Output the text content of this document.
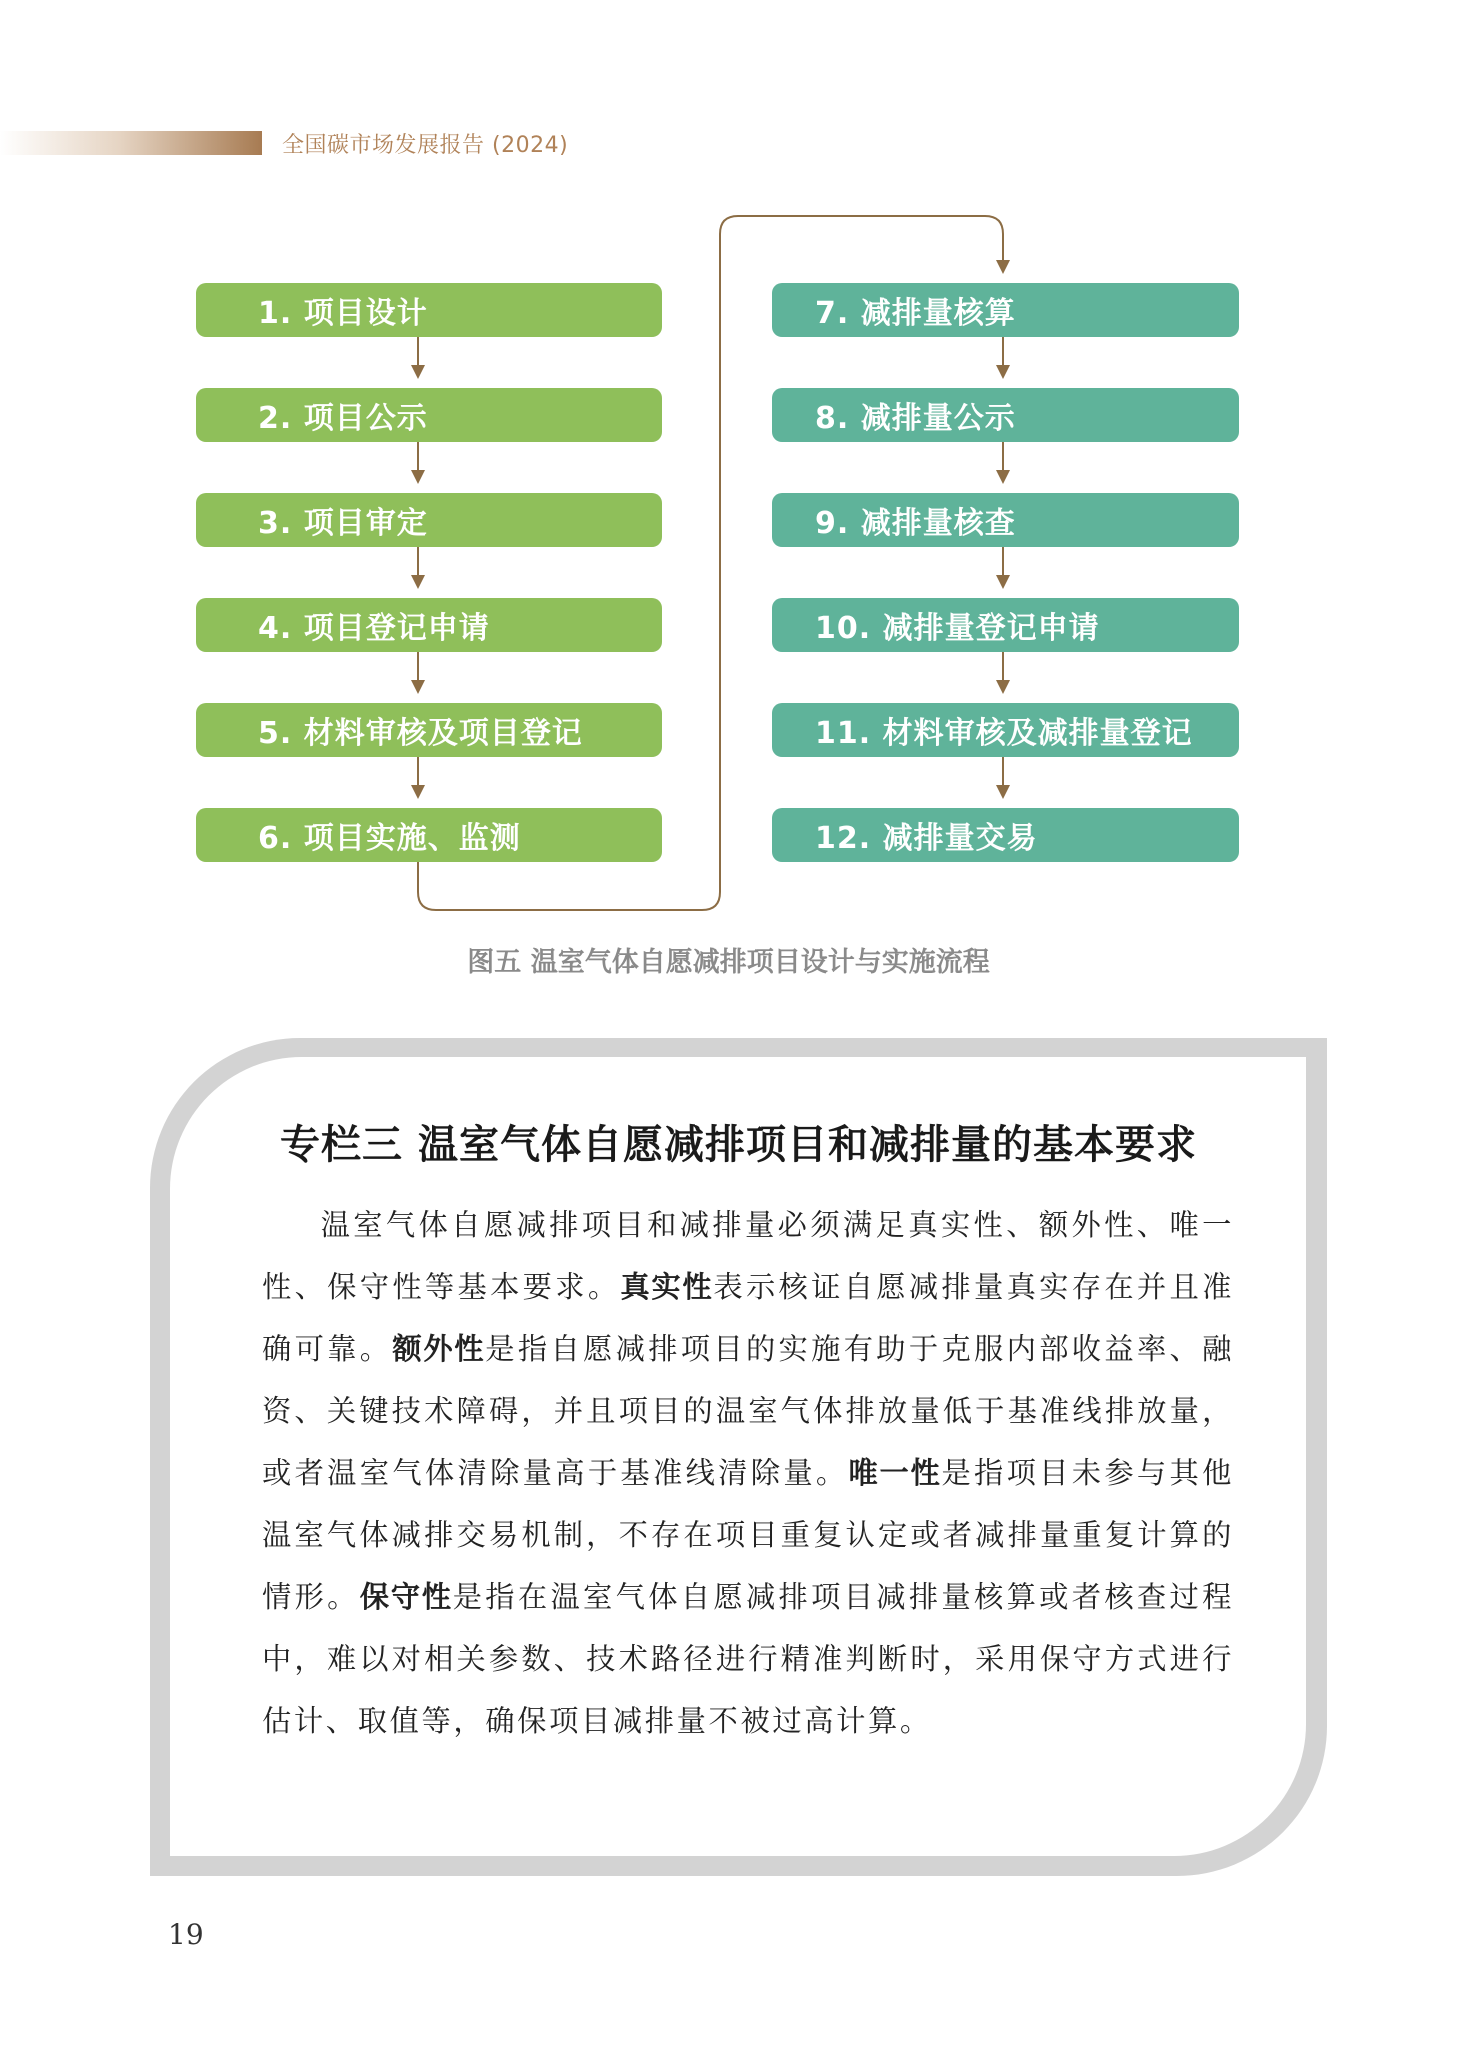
全国碳市场发展报告 (2024)
1. 项目设计
2. 项目公示
3. 项目审定
4. 项目登记申请
5. 材料审核及项目登记
6. 项目实施、监测
7. 减排量核算
8. 减排量公示
9. 减排量核查
10. 减排量登记申请
11. 材料审核及减排量登记
12. 减排量交易
图五 温室气体自愿减排项目设计与实施流程
专栏三 温室气体自愿减排项目和减排量的基本要求

温室气体自愿减排项目和减排量必须满足真实性、额外性、唯一性、保守性等基本要求。真实性表示核证自愿减排量真实存在并且准确可靠。额外性是指自愿减排项目的实施有助于克服内部收益率、融资、关键技术障碍，并且项目的温室气体排放量低于基准线排放量，或者温室气体清除量高于基准线清除量。唯一性是指项目未参与其他温室气体减排交易机制，不存在项目重复认定或者减排量重复计算的情形。保守性是指在温室气体自愿减排项目减排量核算或者核查过程中，难以对相关参数、技术路径进行精准判断时，采用保守方式进行估计、取值等，确保项目减排量不被过高计算。

19
